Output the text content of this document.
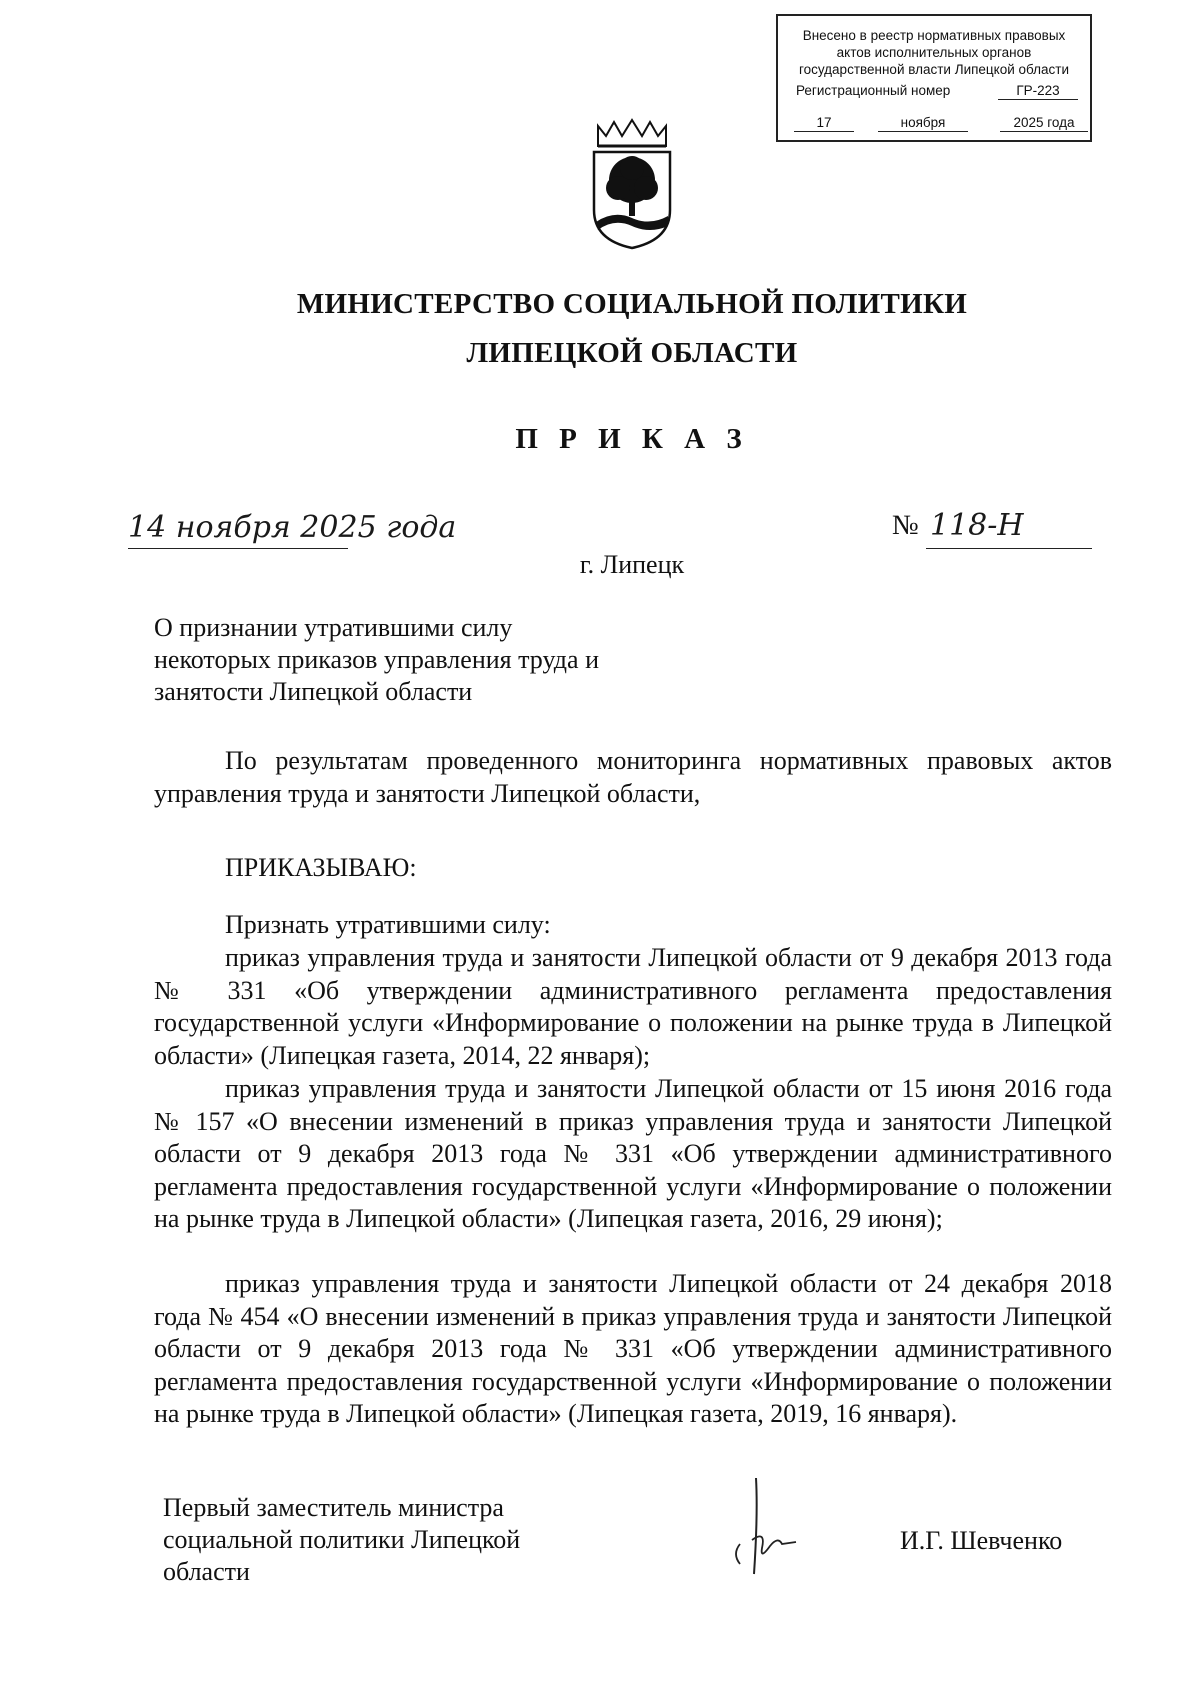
Внесено в реестр нормативных правовых
актов исполнительных органов
государственной власти Липецкой области
Регистрационный номер	ГР-223
17	ноября	2025 года
МИНИСТЕРСТВО СОЦИАЛЬНОЙ ПОЛИТИКИ
ЛИПЕЦКОЙ ОБЛАСТИ
П Р И К А З
14 ноября 2025 года	№ 118-Н
г. Липецк
О признании утратившими силу
некоторых приказов управления труда и
занятости Липецкой области
По результатам проведенного мониторинга нормативных правовых актов управления труда и занятости Липецкой области,
ПРИКАЗЫВАЮ:
Признать утратившими силу:
приказ управления труда и занятости Липецкой области от 9 декабря 2013 года № 331 «Об утверждении административного регламента предоставления государственной услуги «Информирование о положении на рынке труда в Липецкой области» (Липецкая газета, 2014, 22 января);
приказ управления труда и занятости Липецкой области от 15 июня 2016 года № 157 «О внесении изменений в приказ управления труда и занятости Липецкой области от 9 декабря 2013 года № 331 «Об утверждении административного регламента предоставления государственной услуги «Информирование о положении на рынке труда в Липецкой области» (Липецкая газета, 2016, 29 июня);
приказ управления труда и занятости Липецкой области от 24 декабря 2018 года № 454 «О внесении изменений в приказ управления труда и занятости Липецкой области от 9 декабря 2013 года № 331 «Об утверждении административного регламента предоставления государственной услуги «Информирование о положении на рынке труда в Липецкой области» (Липецкая газета, 2019, 16 января).
Первый заместитель министра
социальной политики Липецкой
области
И.Г. Шевченко
